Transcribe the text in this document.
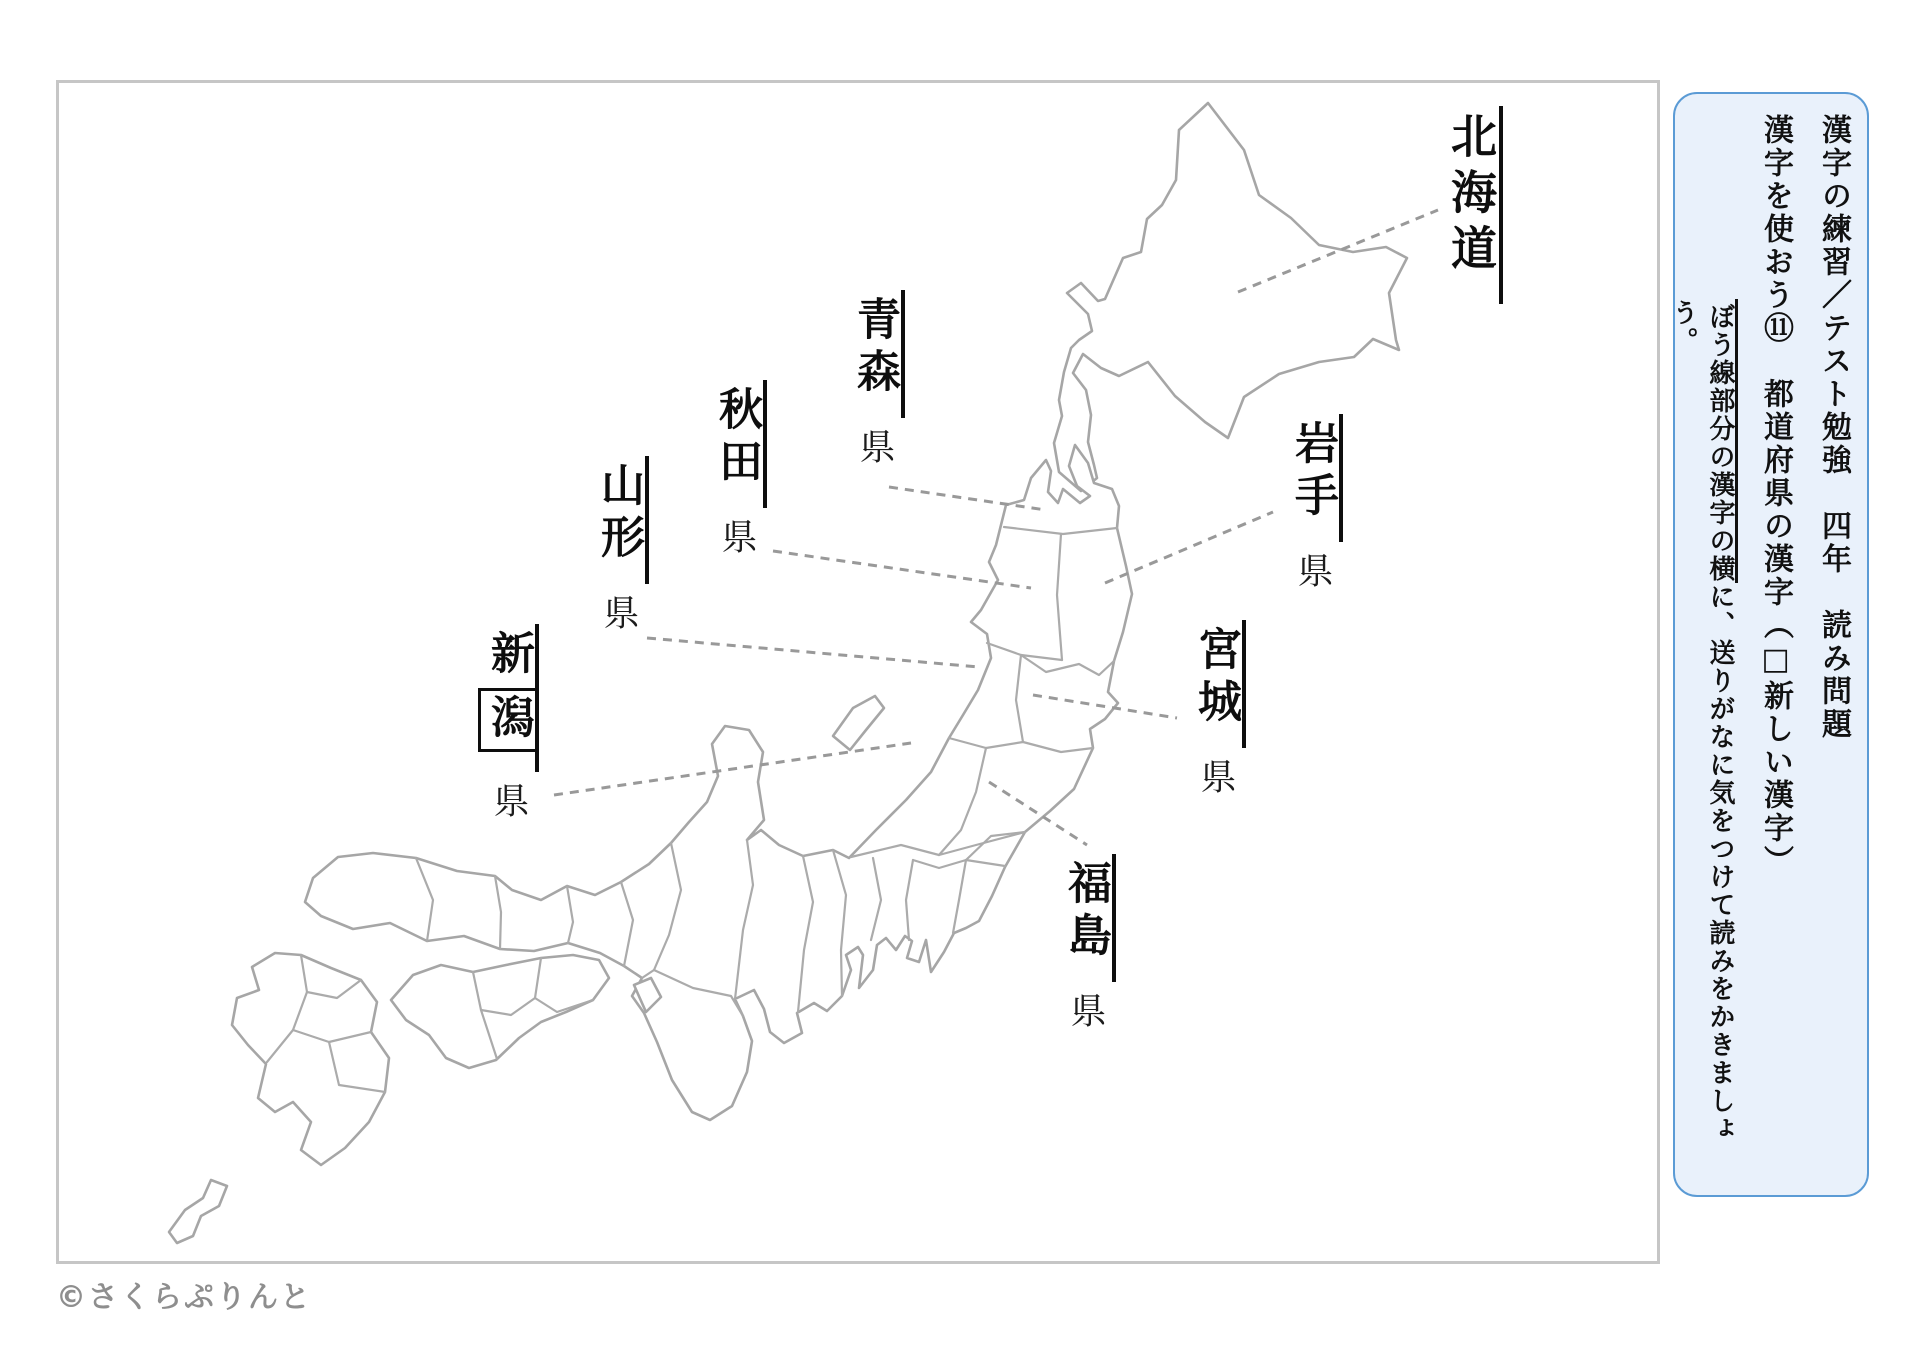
北海道
青森県
秋田県
山形県
新潟県
岩手県
宮城県
福島県

漢字の練習／テスト勉強　四年　読み問題

漢字を使おう⑪　都道府県の漢字（□新しい漢字）

ぼう線部分の漢字の横に、送りがなに気をつけて読みをかきましょう。

©さくらぷりんと
